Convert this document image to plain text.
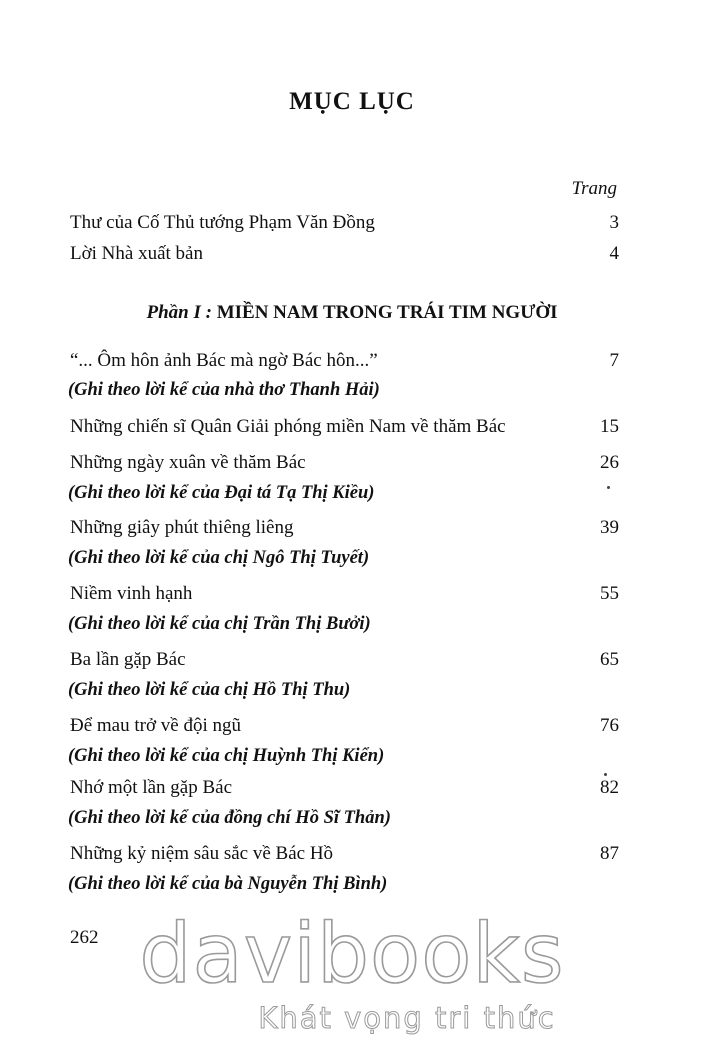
MỤC LỤC
Trang
Thư của Cố Thủ tướng Phạm Văn Đồng	3
Lời Nhà xuất bản	4
Phần I : MIỀN NAM TRONG TRÁI TIM NGƯỜI
“... Ôm hôn ảnh Bác mà ngờ Bác hôn...”	7
(Ghi theo lời kể của nhà thơ Thanh Hải)
Những chiến sĩ Quân Giải phóng miền Nam về thăm Bác	15
Những ngày xuân về thăm Bác	26
(Ghi theo lời kể của Đại tá Tạ Thị Kiều)
Những giây phút thiêng liêng	39
(Ghi theo lời kể của chị Ngô Thị Tuyết)
Niềm vinh hạnh	55
(Ghi theo lời kể của chị Trần Thị Bưởi)
Ba lần gặp Bác	65
(Ghi theo lời kể của chị Hồ Thị Thu)
Để mau trở về đội ngũ	76
(Ghi theo lời kể của chị Huỳnh Thị Kiển)
Nhớ một lần gặp Bác	82
(Ghi theo lời kể của đồng chí Hồ Sĩ Thản)
Những kỷ niệm sâu sắc về Bác Hồ	87
(Ghi theo lời kể của bà Nguyễn Thị Bình)
262 davibooks
Khát vọng tri thức
